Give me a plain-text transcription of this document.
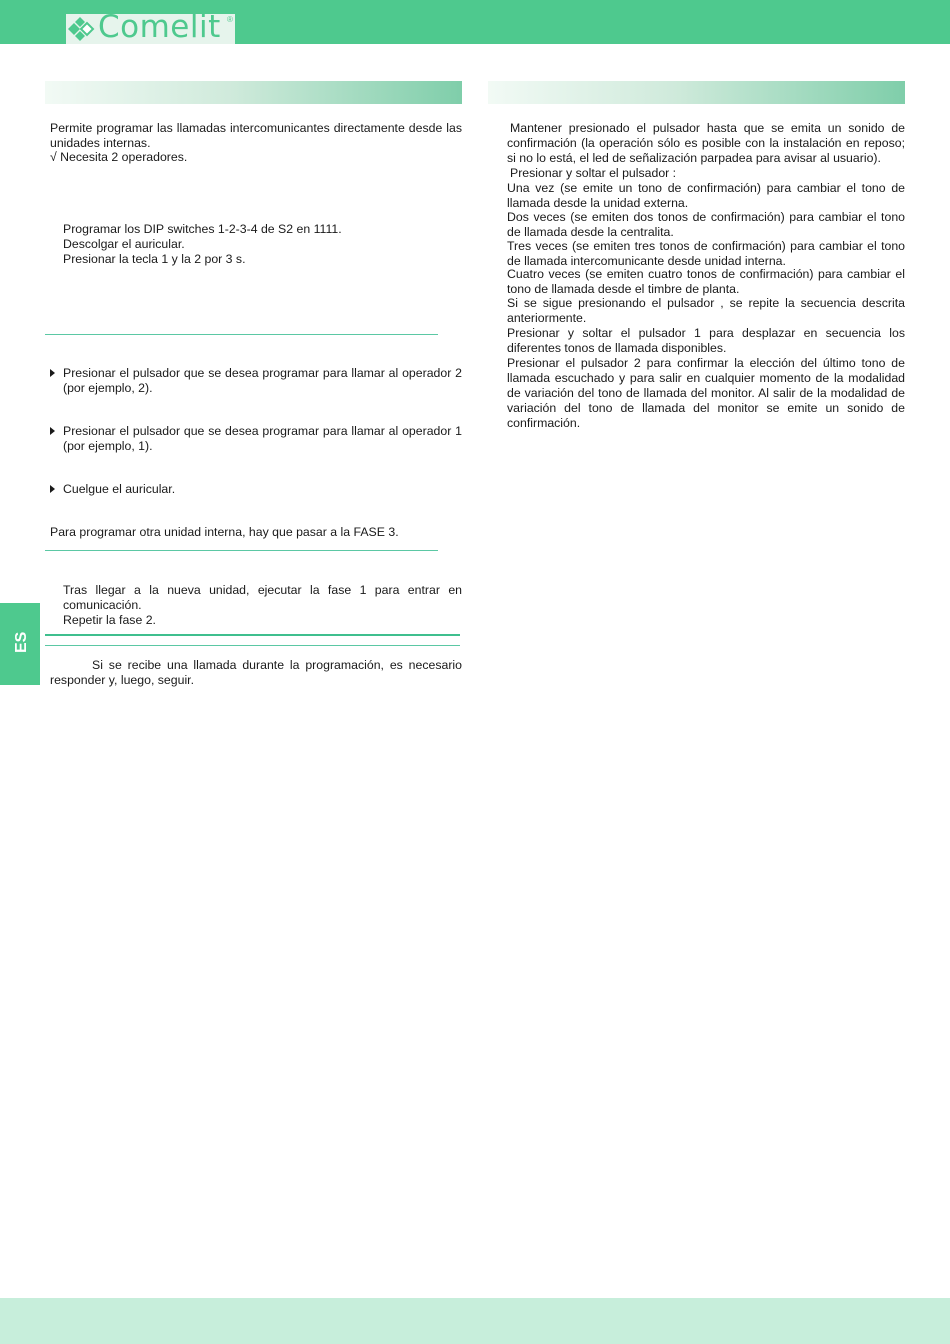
Comelit ®

Permite programar las llamadas intercomunicantes directamente desde las unidades internas.

√ Necesita 2 operadores.

Programar los DIP switches 1-2-3-4 de S2 en 1111.

Descolgar el auricular.

Presionar la tecla 1 y la 2 por 3 s.

Presionar el pulsador que se desea programar para llamar al operador 2 (por ejemplo, 2).
Presionar el pulsador que se desea programar para llamar al operador 1 (por ejemplo, 1).
Cuelgue el auricular.

Para programar otra unidad interna, hay que pasar a la FASE 3.

Tras llegar a la nueva unidad, ejecutar la fase 1 para entrar en comunicación.

Repetir la fase 2.

Si se recibe una llamada durante la programación, es necesario responder y, luego, seguir.

Mantener presionado el pulsador hasta que se emita un sonido de confirmación (la operación sólo es posible con la instalación en reposo; si no lo está, el led de señalización parpadea para avisar al usuario).

Presionar y soltar el pulsador :

Una vez (se emite un tono de confirmación) para cambiar el tono de llamada desde la unidad externa.

Dos veces (se emiten dos tonos de confirmación) para cambiar el tono de llamada desde la centralita.

Tres veces (se emiten tres tonos de confirmación) para cambiar el tono de llamada intercomunicante desde unidad interna.

Cuatro veces (se emiten cuatro tonos de confirmación) para cambiar el tono de llamada desde el timbre de planta.

Si se sigue presionando el pulsador , se repite la secuencia descrita anteriormente.

Presionar y soltar el pulsador 1 para desplazar en secuencia los diferentes tonos de llamada disponibles.

Presionar el pulsador 2 para confirmar la elección del último tono de llamada escuchado y para salir en cualquier momento de la modalidad de variación del tono de llamada del monitor. Al salir de la modalidad de variación del tono de llamada del monitor se emite un sonido de confirmación.

ES
